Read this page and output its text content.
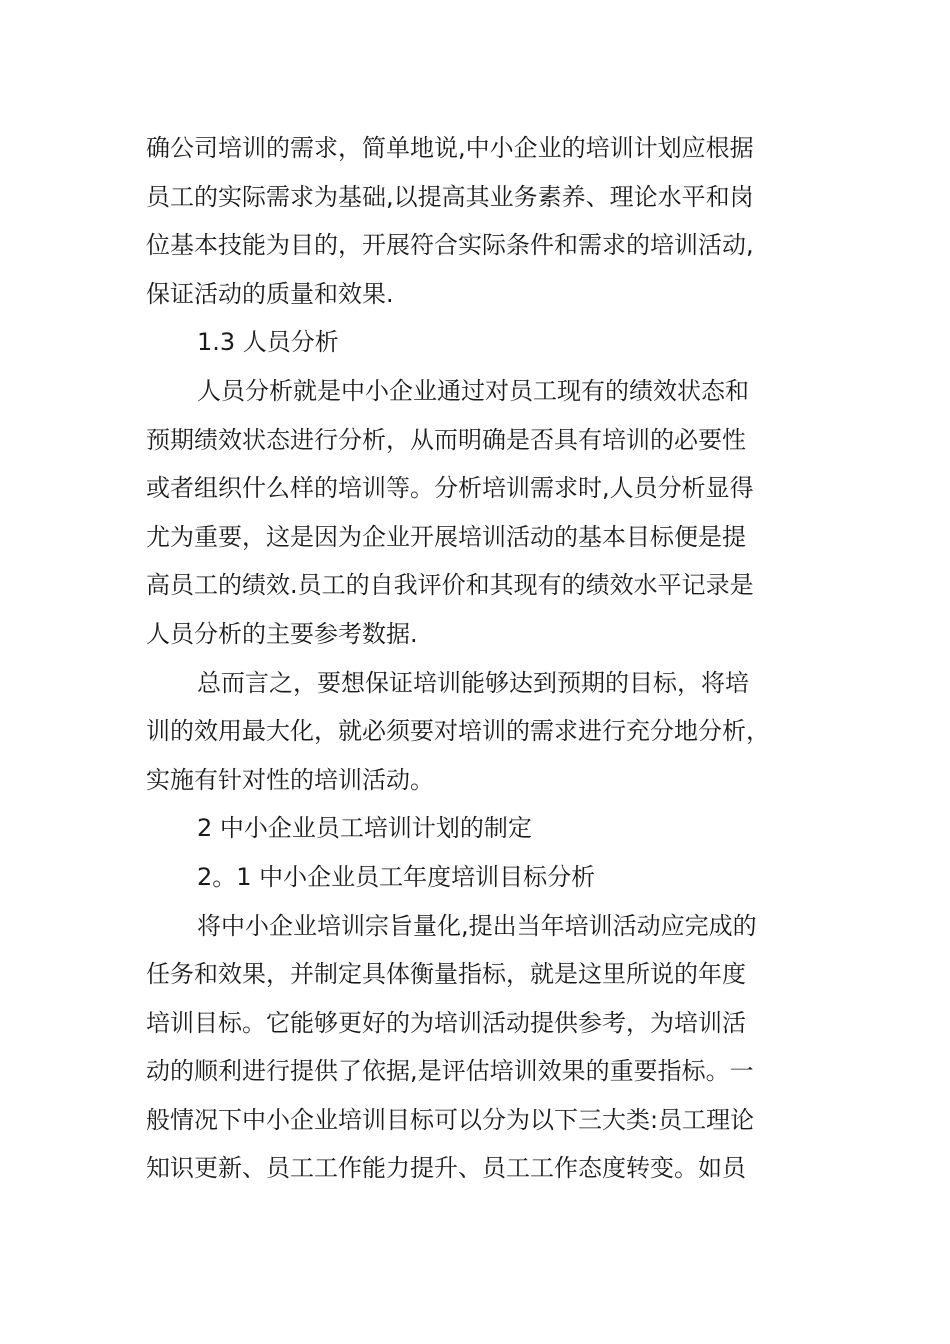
确公司培训的需求，简单地说,中小企业的培训计划应根据
员工的实际需求为基础,以提高其业务素养、理论水平和岗
位基本技能为目的，开展符合实际条件和需求的培训活动,
保证活动的质量和效果.
1.3 人员分析
人员分析就是中小企业通过对员工现有的绩效状态和
预期绩效状态进行分析，从而明确是否具有培训的必要性
或者组织什么样的培训等。分析培训需求时,人员分析显得
尤为重要，这是因为企业开展培训活动的基本目标便是提
高员工的绩效.员工的自我评价和其现有的绩效水平记录是
人员分析的主要参考数据.
总而言之，要想保证培训能够达到预期的目标，将培
训的效用最大化，就必须要对培训的需求进行充分地分析，
实施有针对性的培训活动。
2 中小企业员工培训计划的制定
2。1 中小企业员工年度培训目标分析
将中小企业培训宗旨量化,提出当年培训活动应完成的
任务和效果，并制定具体衡量指标，就是这里所说的年度
培训目标。它能够更好的为培训活动提供参考，为培训活
动的顺利进行提供了依据,是评估培训效果的重要指标。一
般情况下中小企业培训目标可以分为以下三大类:员工理论
知识更新、员工工作能力提升、员工工作态度转变。如员
